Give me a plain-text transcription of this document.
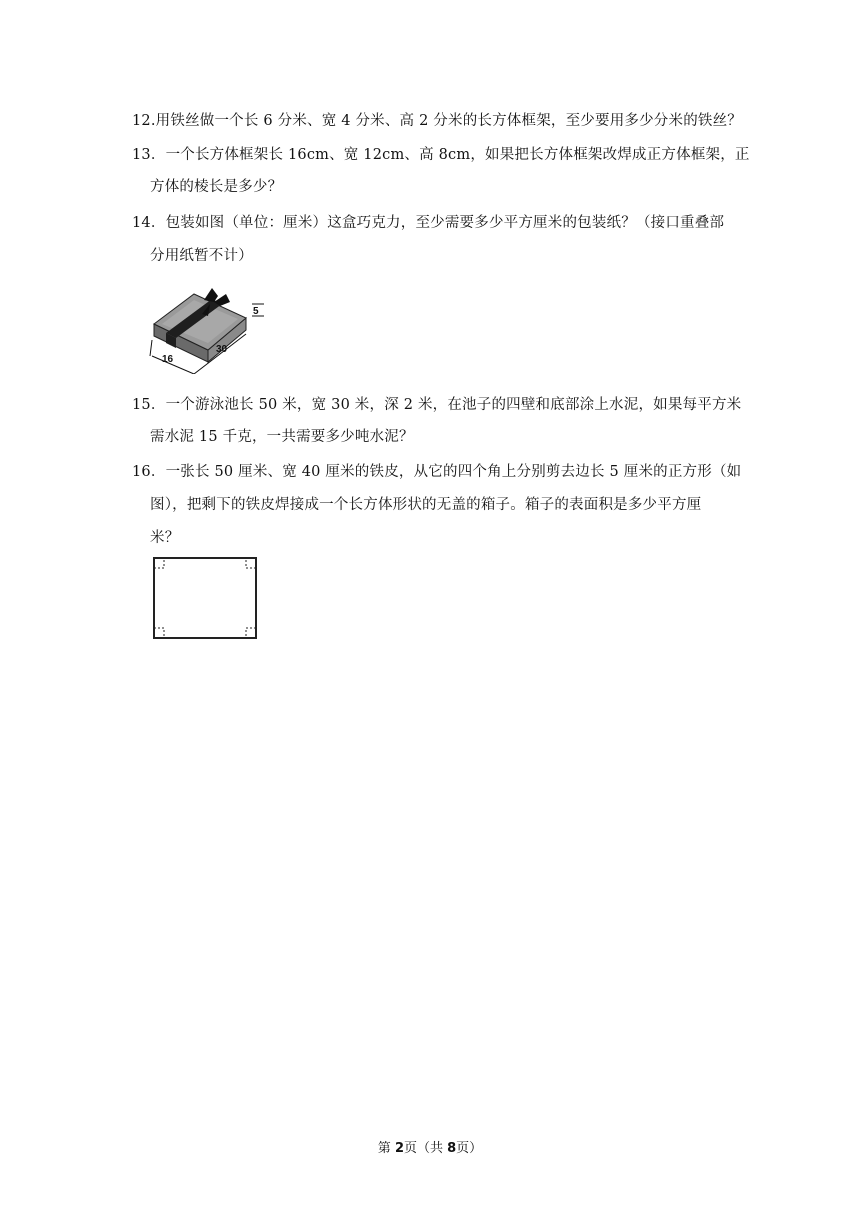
12.用铁丝做一个长 6 分米、宽 4 分米、高 2 分米的长方体框架，至少要用多少分米的铁丝？
13．一个长方体框架长 16cm、宽 12cm、高 8cm，如果把长方体框架改焊成正方体框架，正
方体的棱长是多少？
14．包装如图（单位：厘米）这盒巧克力，至少需要多少平方厘米的包装纸？（接口重叠部
分用纸暂不计）
5
16
30
15．一个游泳池长 50 米，宽 30 米，深 2 米，在池子的四壁和底部涂上水泥，如果每平方米
需水泥 15 千克，一共需要多少吨水泥？
16．一张长 50 厘米、宽 40 厘米的铁皮，从它的四个角上分别剪去边长 5 厘米的正方形（如
图），把剩下的铁皮焊接成一个长方体形状的无盖的箱子。箱子的表面积是多少平方厘
米？
第 2页（共 8页）
